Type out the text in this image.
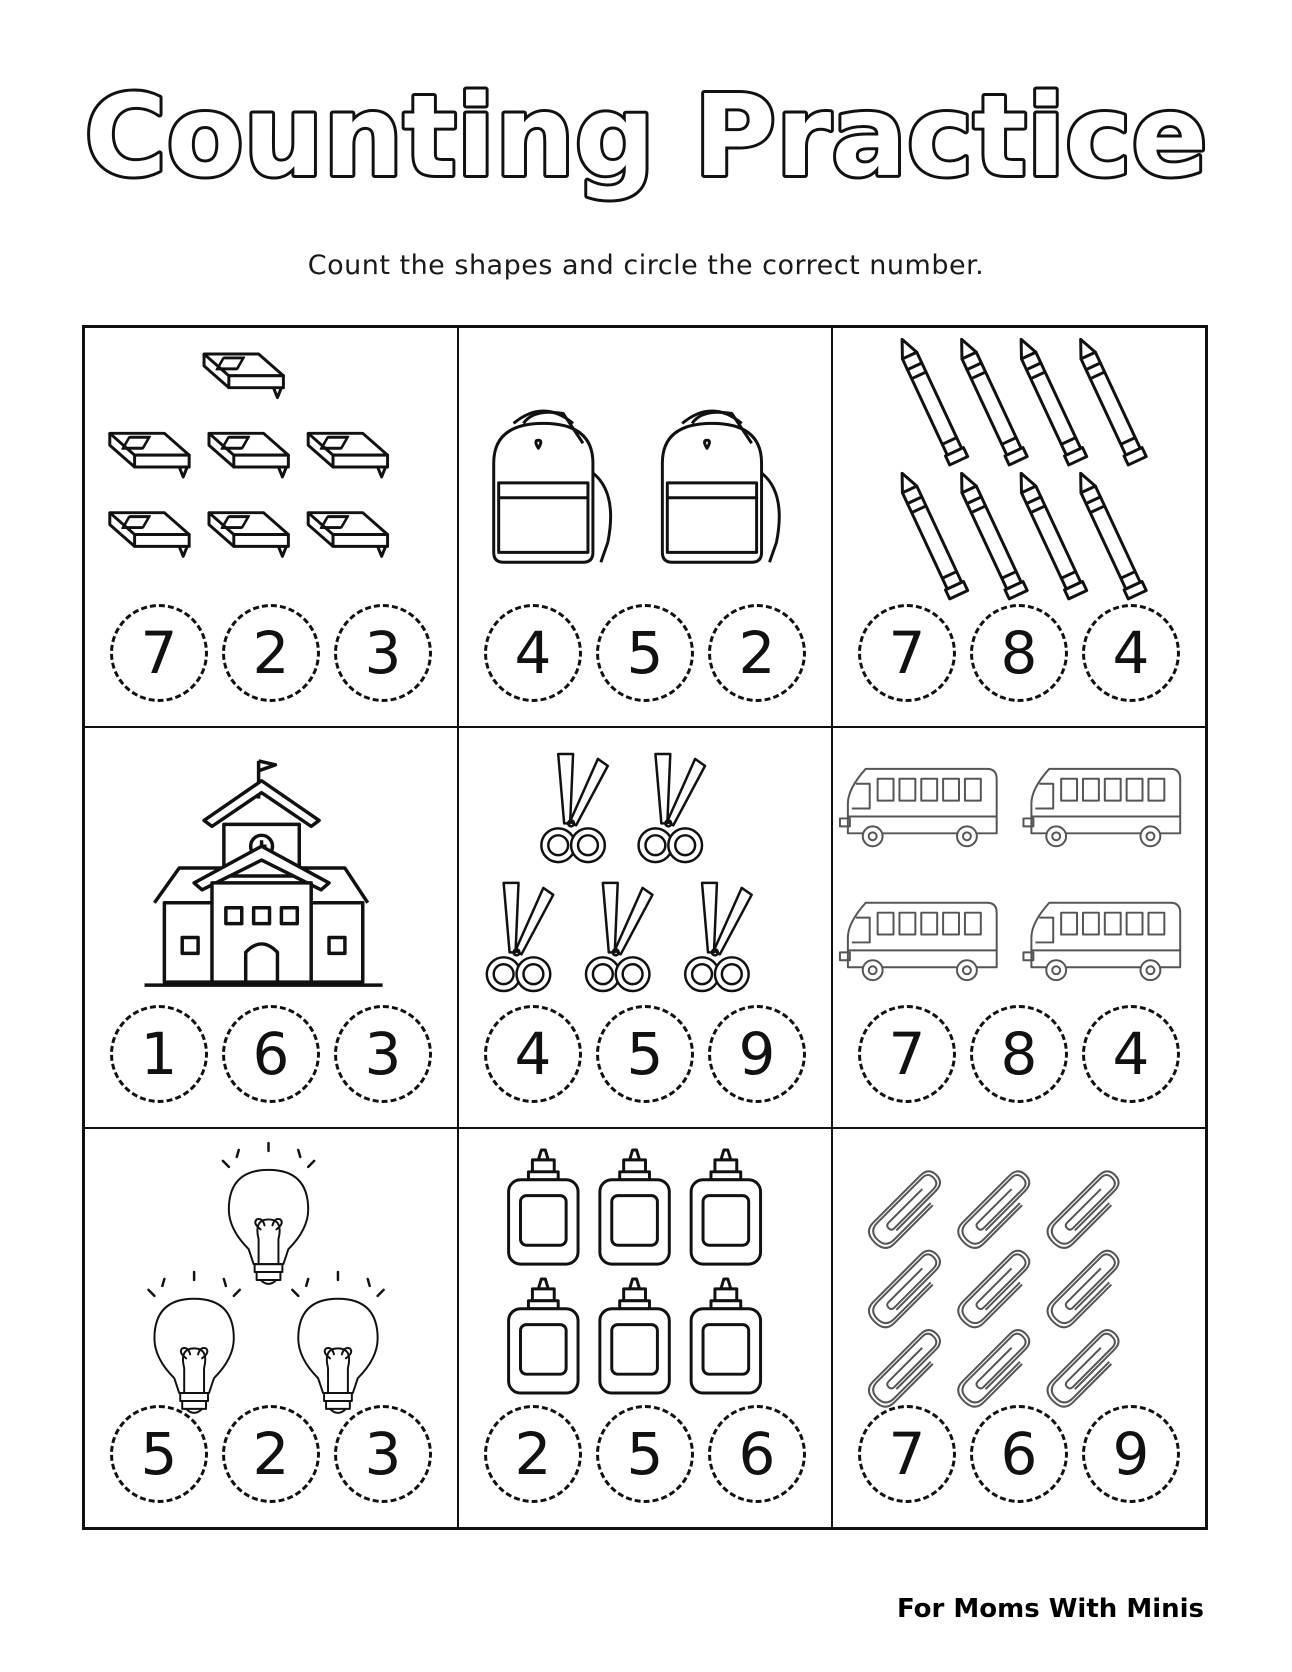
Counting Practice
Count the shapes and circle the correct number.
7	2	3	4	5	2	7	8	4
1	6	3	4	5	9	7	8	4
5	2	3	2	5	6	7	6	9
For Moms With Minis
